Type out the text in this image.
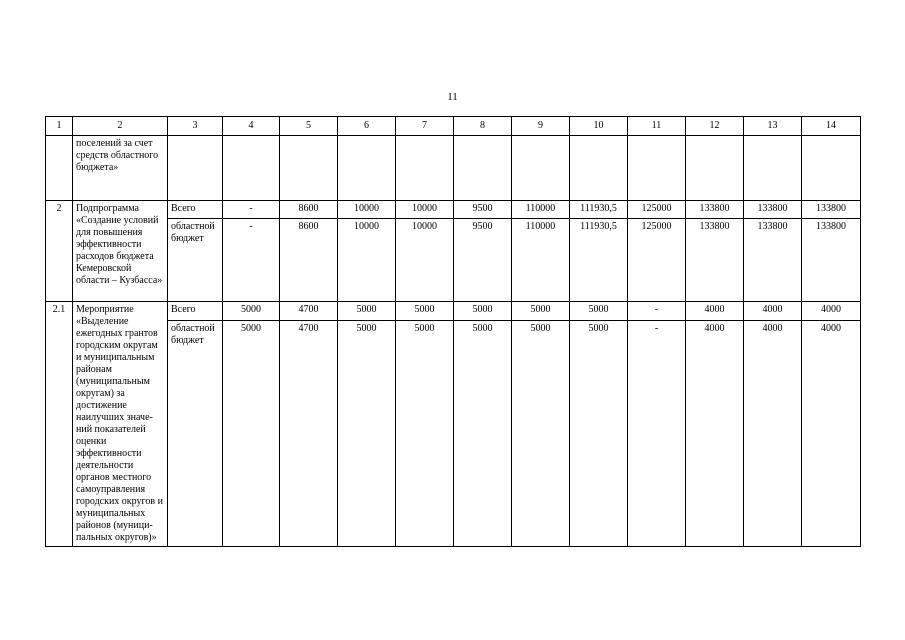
11
1	2	3	4	5	6	7	8	9	10	11	12	13	14
	поселений за счет средств областного бюджета»												
2	Подпрограмма «Создание условий для повышения эффективности расходов бюджета Кемеровской области – Кузбасса»	Всего	-	8600	10000	10000	9500	110000	111930,5	125000	133800	133800	133800
		областной бюджет	-	8600	10000	10000	9500	110000	111930,5	125000	133800	133800	133800
2.1	Мероприятие «Выделение ежегодных грантов городским округам и муниципальным районам (муниципальным округам) за достижение наилучших значе-ний показателей оценки эффективности деятельности органов местного самоуправления городских округов и муниципальных районов (муници-пальных округов)»	Всего	5000	4700	5000	5000	5000	5000	5000	-	4000	4000	4000
		областной бюджет	5000	4700	5000	5000	5000	5000	5000	-	4000	4000	4000
